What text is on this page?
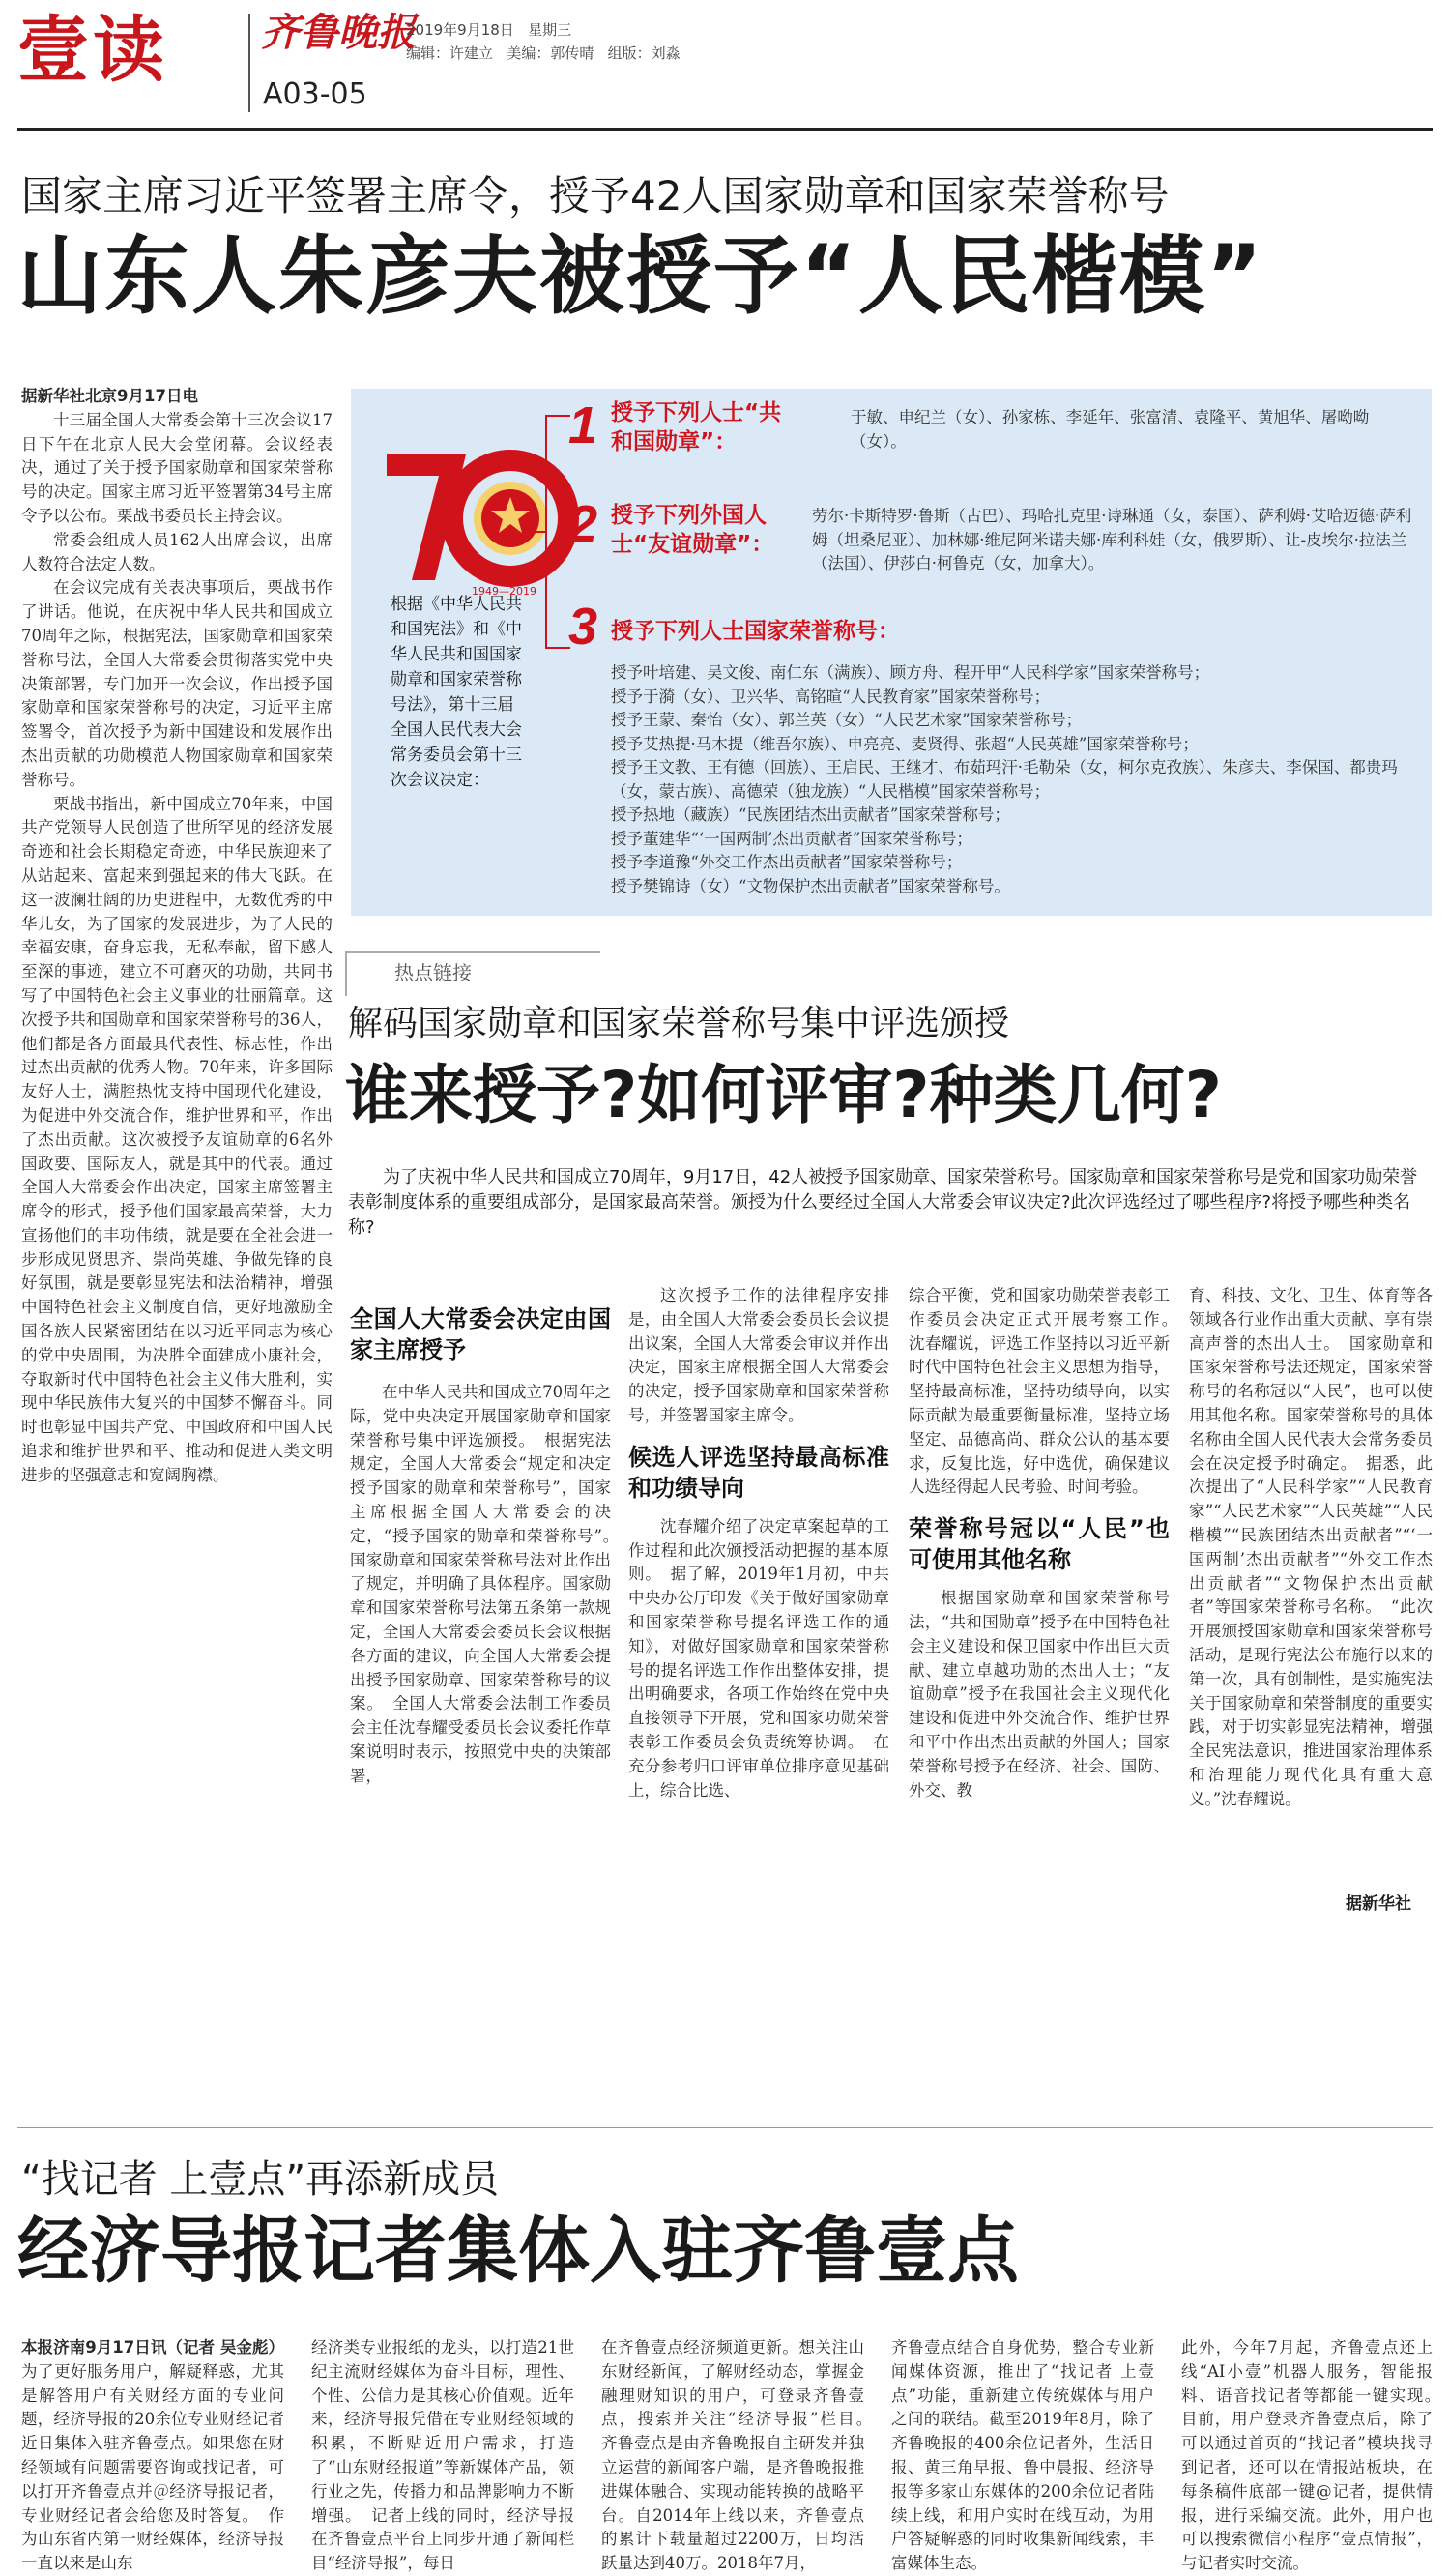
壹读 齐鲁晚报
A03-05
2019年9月18日 星期三
编辑：许建立 美编：郭传晴 组版：刘淼
国家主席习近平签署主席令，授予42人国家勋章和国家荣誉称号
山东人朱彦夫被授予“人民楷模”

据新华社北京9月17日电

十三届全国人大常委会第十三次会议17日下午在北京人民大会堂闭幕。会议经表决，通过了关于授予国家勋章和国家荣誉称号的决定。国家主席习近平签署第34号主席令予以公布。栗战书委员长主持会议。

常委会组成人员162人出席会议，出席人数符合法定人数。

在会议完成有关表决事项后，栗战书作了讲话。他说，在庆祝中华人民共和国成立70周年之际，根据宪法，国家勋章和国家荣誉称号法，全国人大常委会贯彻落实党中央决策部署，专门加开一次会议，作出授予国家勋章和国家荣誉称号的决定，习近平主席签署令，首次授予为新中国建设和发展作出杰出贡献的功勋模范人物国家勋章和国家荣誉称号。

栗战书指出，新中国成立70年来，中国共产党领导人民创造了世所罕见的经济发展奇迹和社会长期稳定奇迹，中华民族迎来了从站起来、富起来到强起来的伟大飞跃。在这一波澜壮阔的历史进程中，无数优秀的中华儿女，为了国家的发展进步，为了人民的幸福安康，奋身忘我，无私奉献，留下感人至深的事迹，建立不可磨灭的功勋，共同书写了中国特色社会主义事业的壮丽篇章。这次授予共和国勋章和国家荣誉称号的36人，他们都是各方面最具代表性、标志性，作出过杰出贡献的优秀人物。70年来，许多国际友好人士，满腔热忱支持中国现代化建设，为促进中外交流合作，维护世界和平，作出了杰出贡献。这次被授予友谊勋章的6名外国政要、国际友人，就是其中的代表。通过全国人大常委会作出决定，国家主席签署主席令的形式，授予他们国家最高荣誉，大力宣扬他们的丰功伟绩，就是要在全社会进一步形成见贤思齐、崇尚英雄、争做先锋的良好氛围，就是要彰显宪法和法治精神，增强中国特色社会主义制度自信，更好地激励全国各族人民紧密团结在以习近平同志为核心的党中央周围，为决胜全面建成小康社会，夺取新时代中国特色社会主义伟大胜利，实现中华民族伟大复兴的中国梦不懈奋斗。同时也彰显中国共产党、中国政府和中国人民追求和维护世界和平、推动和促进人类文明进步的坚强意志和宽阔胸襟。

1949—2019
根据《中华人民共和国宪法》和《中华人民共和国国家勋章和国家荣誉称号法》，第十三届全国人民代表大会常务委员会第十三次会议决定：
1 授予下列人士“共和国勋章”：
于敏、申纪兰（女）、孙家栋、李延年、张富清、袁隆平、黄旭华、屠呦呦（女）。
2 授予下列外国人士“友谊勋章”：
劳尔·卡斯特罗·鲁斯（古巴）、玛哈扎克里·诗琳通（女，泰国）、萨利姆·艾哈迈德·萨利姆（坦桑尼亚）、加林娜·维尼阿米诺夫娜·库利科娃（女，俄罗斯）、让-皮埃尔·拉法兰（法国）、伊莎白·柯鲁克（女，加拿大）。
3 授予下列人士国家荣誉称号：
授予叶培建、吴文俊、南仁东（满族）、顾方舟、程开甲“人民科学家”国家荣誉称号；
授予于漪（女）、卫兴华、高铭暄“人民教育家”国家荣誉称号；
授予王蒙、秦怡（女）、郭兰英（女）“人民艺术家”国家荣誉称号；
授予艾热提·马木提（维吾尔族）、申亮亮、麦贤得、张超“人民英雄”国家荣誉称号；
授予王文教、王有德（回族）、王启民、王继才、布茹玛汗·毛勒朵（女，柯尔克孜族）、朱彦夫、李保国、都贵玛（女，蒙古族）、高德荣（独龙族）“人民楷模”国家荣誉称号；
授予热地（藏族）“民族团结杰出贡献者”国家荣誉称号；
授予董建华“‘一国两制’杰出贡献者”国家荣誉称号；
授予李道豫“外交工作杰出贡献者”国家荣誉称号；
授予樊锦诗（女）“文物保护杰出贡献者”国家荣誉称号。
热点链接
解码国家勋章和国家荣誉称号集中评选颁授
谁来授予?如何评审?种类几何?
为了庆祝中华人民共和国成立70周年，9月17日，42人被授予国家勋章、国家荣誉称号。国家勋章和国家荣誉称号是党和国家功勋荣誉表彰制度体系的重要组成部分，是国家最高荣誉。颁授为什么要经过全国人大常委会审议决定?此次评选经过了哪些程序?将授予哪些种类名称?
全国人大常委会决定由国家主席授予

在中华人民共和国成立70周年之际，党中央决定开展国家勋章和国家荣誉称号集中评选颁授。　根据宪法规定，全国人大常委会“规定和决定授予国家的勋章和荣誉称号”，国家主席根据全国人大常委会的决定，“授予国家的勋章和荣誉称号”。　国家勋章和国家荣誉称号法对此作出了规定，并明确了具体程序。国家勋章和国家荣誉称号法第五条第一款规定，全国人大常委会委员长会议根据各方面的建议，向全国人大常委会提出授予国家勋章、国家荣誉称号的议案。　全国人大常委会法制工作委员会主任沈春耀受委员长会议委托作草案说明时表示，按照党中央的决策部署，

这次授予工作的法律程序安排是，由全国人大常委会委员长会议提出议案，全国人大常委会审议并作出决定，国家主席根据全国人大常委会的决定，授予国家勋章和国家荣誉称号，并签署国家主席令。

候选人评选坚持最高标准和功绩导向

沈春耀介绍了决定草案起草的工作过程和此次颁授活动把握的基本原则。　据了解，2019年1月初，中共中央办公厅印发《关于做好国家勋章和国家荣誉称号提名评选工作的通知》，对做好国家勋章和国家荣誉称号的提名评选工作作出整体安排，提出明确要求，各项工作始终在党中央直接领导下开展，党和国家功勋荣誉表彰工作委员会负责统筹协调。　在充分参考归口评审单位排序意见基础上，综合比选、

综合平衡，党和国家功勋荣誉表彰工作委员会决定正式开展考察工作。　沈春耀说，评选工作坚持以习近平新时代中国特色社会主义思想为指导，坚持最高标准，坚持功绩导向，以实际贡献为最重要衡量标准，坚持立场坚定、品德高尚、群众公认的基本要求，反复比选，好中选优，确保建议人选经得起人民考验、时间考验。

荣誉称号冠以“人民”也可使用其他名称

根据国家勋章和国家荣誉称号法，“共和国勋章”授予在中国特色社会主义建设和保卫国家中作出巨大贡献、建立卓越功勋的杰出人士；“友谊勋章”授予在我国社会主义现代化建设和促进中外交流合作、维护世界和平中作出杰出贡献的外国人；国家荣誉称号授予在经济、社会、国防、外交、教

育、科技、文化、卫生、体育等各领域各行业作出重大贡献、享有崇高声誉的杰出人士。　国家勋章和国家荣誉称号法还规定，国家荣誉称号的名称冠以“人民”，也可以使用其他名称。国家荣誉称号的具体名称由全国人民代表大会常务委员会在决定授予时确定。　据悉，此次提出了“人民科学家”“人民教育家”“人民艺术家”“人民英雄”“人民楷模”“民族团结杰出贡献者”“‘一国两制’杰出贡献者”“外交工作杰出贡献者”“文物保护杰出贡献者”等国家荣誉称号名称。　“此次开展颁授国家勋章和国家荣誉称号活动，是现行宪法公布施行以来的第一次，具有创制性，是实施宪法关于国家勋章和荣誉制度的重要实践，对于切实彰显宪法精神，增强全民宪法意识，推进国家治理体系和治理能力现代化具有重大意义。”沈春耀说。

据新华社
“找记者 上壹点”再添新成员
经济导报记者集体入驻齐鲁壹点

本报济南9月17日讯（记者 吴金彪）为了更好服务用户，解疑释惑，尤其是解答用户有关财经方面的专业问题，经济导报的20余位专业财经记者近日集体入驻齐鲁壹点。如果您在财经领域有问题需要咨询或找记者，可以打开齐鲁壹点并＠经济导报记者，专业财经记者会给您及时答复。　作为山东省内第一财经媒体，经济导报一直以来是山东

经济类专业报纸的龙头，以打造21世纪主流财经媒体为奋斗目标，理性、个性、公信力是其核心价值观。近年来，经济导报凭借在专业财经领域的积累，不断贴近用户需求，打造了“山东财经报道”等新媒体产品，领行业之先，传播力和品牌影响力不断增强。　记者上线的同时，经济导报在齐鲁壹点平台上同步开通了新闻栏目“经济导报”，每日

在齐鲁壹点经济频道更新。想关注山东财经新闻，了解财经动态，掌握金融理财知识的用户，可登录齐鲁壹点，搜索并关注“经济导报”栏目。　齐鲁壹点是由齐鲁晚报自主研发并独立运营的新闻客户端，是齐鲁晚报推进媒体融合、实现动能转换的战略平台。自2014年上线以来，齐鲁壹点的累计下载量超过2200万，日均活跃量达到40万。2018年7月，

齐鲁壹点结合自身优势，整合专业新闻媒体资源，推出了“找记者 上壹点”功能，重新建立传统媒体与用户之间的联结。截至2019年8月，除了齐鲁晚报的400余位记者外，生活日报、黄三角早报、鲁中晨报、经济导报等多家山东媒体的200余位记者陆续上线，和用户实时在线互动，为用户答疑解惑的同时收集新闻线索，丰富媒体生态。

此外，今年7月起，齐鲁壹点还上线“AI小壹”机器人服务，智能报料、语音找记者等都能一键实现。　目前，用户登录齐鲁壹点后，除了可以通过首页的“找记者”模块找寻到记者，还可以在情报站板块，在每条稿件底部一键@记者，提供情报，进行采编交流。此外，用户也可以搜索微信小程序“壹点情报”，与记者实时交流。
